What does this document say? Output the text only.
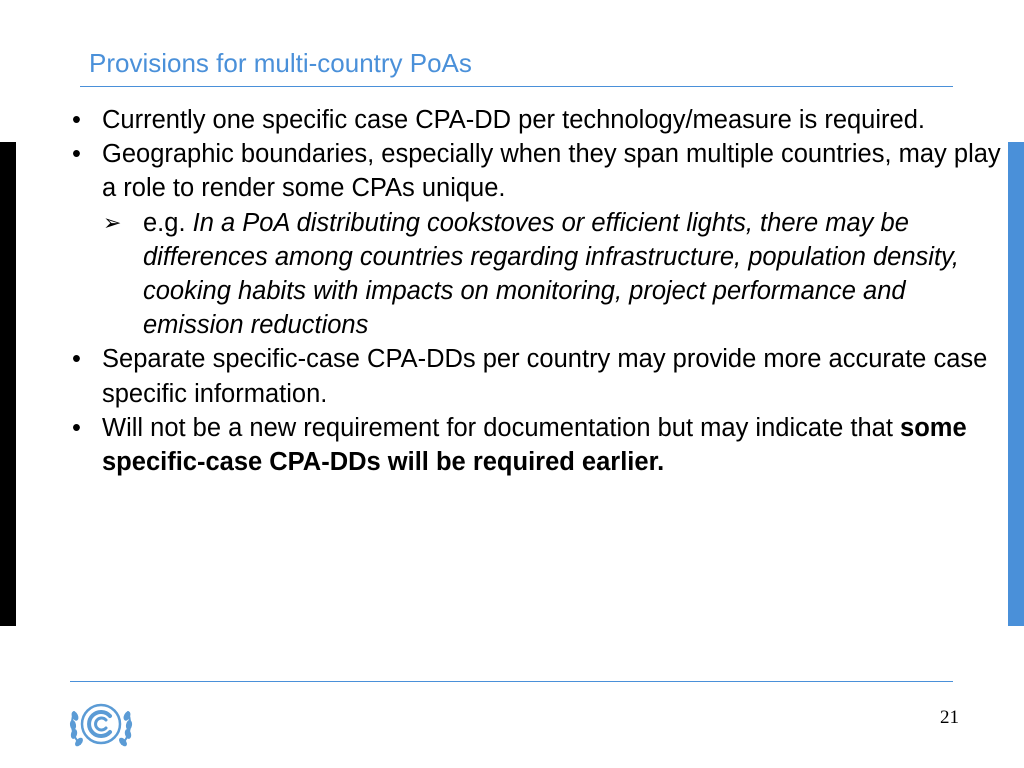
Provisions for multi-country PoAs
• Currently one specific case CPA-DD per technology/measure is required.
• Geographic boundaries, especially when they span multiple countries, may play a role to render some CPAs unique.
➢ e.g. In a PoA distributing cookstoves or efficient lights, there may be differences among countries regarding infrastructure, population density, cooking habits with impacts on monitoring, project performance and emission reductions
• Separate specific-case CPA-DDs per country may provide more accurate case specific information.
• Will not be a new requirement for documentation but may indicate that some specific-case CPA-DDs will be required earlier.
21
